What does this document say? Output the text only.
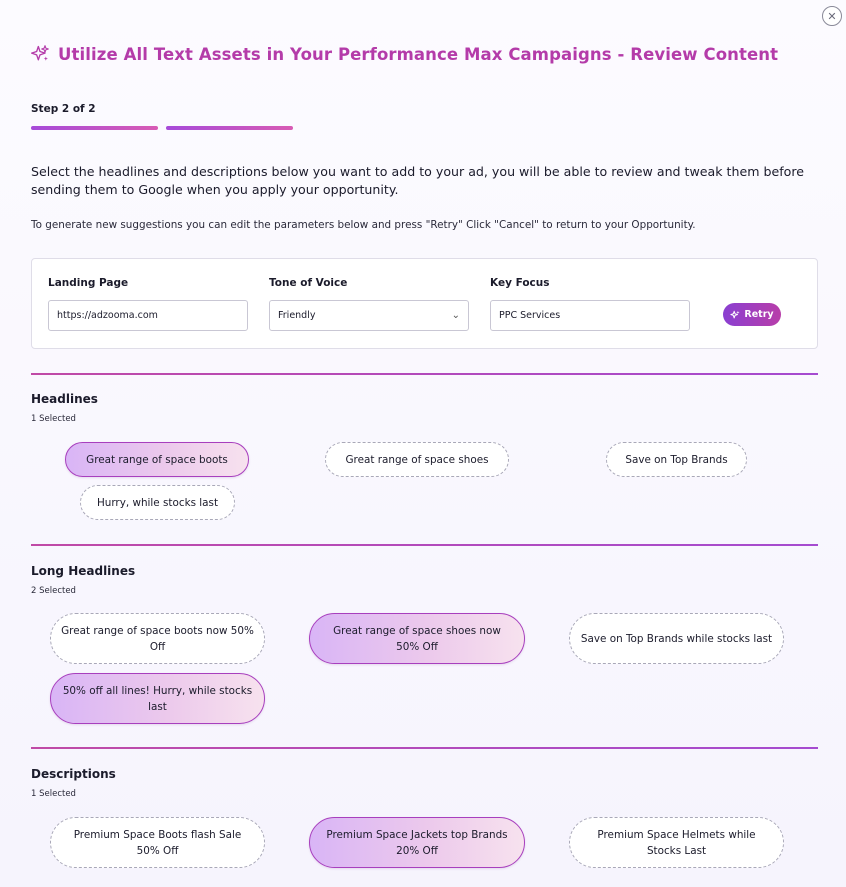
✕
Utilize All Text Assets in Your Performance Max Campaigns - Review Content
Step 2 of 2
Select the headlines and descriptions below you want to add to your ad, you will be able to review and tweak them before sending them to Google when you apply your opportunity.
To generate new suggestions you can edit the parameters below and press "Retry" Click "Cancel" to return to your Opportunity.
Landing Page
https://adzooma.com
Tone of Voice
Friendly	⌄
Key Focus
PPC Services	Retry
Headlines
1 Selected
Great range of space boots	Great range of space shoes	Save on Top Brands
Hurry, while stocks last
Long Headlines
2 Selected
Great range of space boots now 50% Off
Great range of space shoes now 50% Off
Save on Top Brands while stocks last
50% off all lines! Hurry, while stocks last
Descriptions
1 Selected
Premium Space Boots flash Sale 50% Off
Premium Space Jackets top Brands 20% Off
Premium Space Helmets while Stocks Last
